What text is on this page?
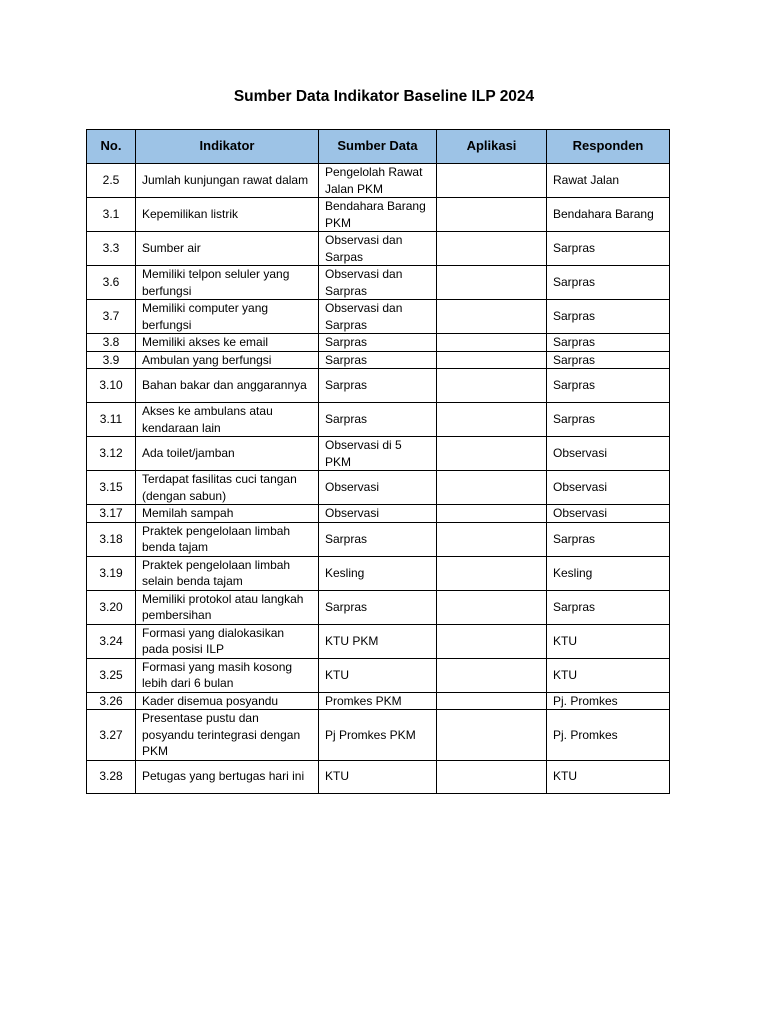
Sumber Data Indikator Baseline ILP 2024
No.	Indikator	Sumber Data	Aplikasi	Responden
2.5	Jumlah kunjungan rawat dalam	Pengelolah Rawat Jalan PKM		Rawat Jalan
3.1	Kepemilikan listrik	Bendahara Barang PKM		Bendahara Barang
3.3	Sumber air	Observasi dan Sarpas		Sarpras
3.6	Memiliki telpon seluler yang berfungsi	Observasi dan Sarpras		Sarpras
3.7	Memiliki computer yang berfungsi	Observasi dan Sarpras		Sarpras
3.8	Memiliki akses ke email	Sarpras		Sarpras
3.9	Ambulan yang berfungsi	Sarpras		Sarpras
3.10	Bahan bakar dan anggarannya	Sarpras		Sarpras
3.11	Akses ke ambulans atau kendaraan lain	Sarpras		Sarpras
3.12	Ada toilet/jamban	Observasi di 5 PKM		Observasi
3.15	Terdapat fasilitas cuci tangan (dengan sabun)	Observasi		Observasi
3.17	Memilah sampah	Observasi		Observasi
3.18	Praktek pengelolaan limbah benda tajam	Sarpras		Sarpras
3.19	Praktek pengelolaan limbah selain benda tajam	Kesling		Kesling
3.20	Memiliki protokol atau langkah pembersihan	Sarpras		Sarpras
3.24	Formasi yang dialokasikan pada posisi ILP	KTU PKM		KTU
3.25	Formasi yang masih kosong lebih dari 6 bulan	KTU		KTU
3.26	Kader disemua posyandu	Promkes PKM		Pj. Promkes
3.27	Presentase pustu dan posyandu terintegrasi dengan PKM	Pj Promkes PKM		Pj. Promkes
3.28	Petugas yang bertugas hari ini	KTU		KTU
